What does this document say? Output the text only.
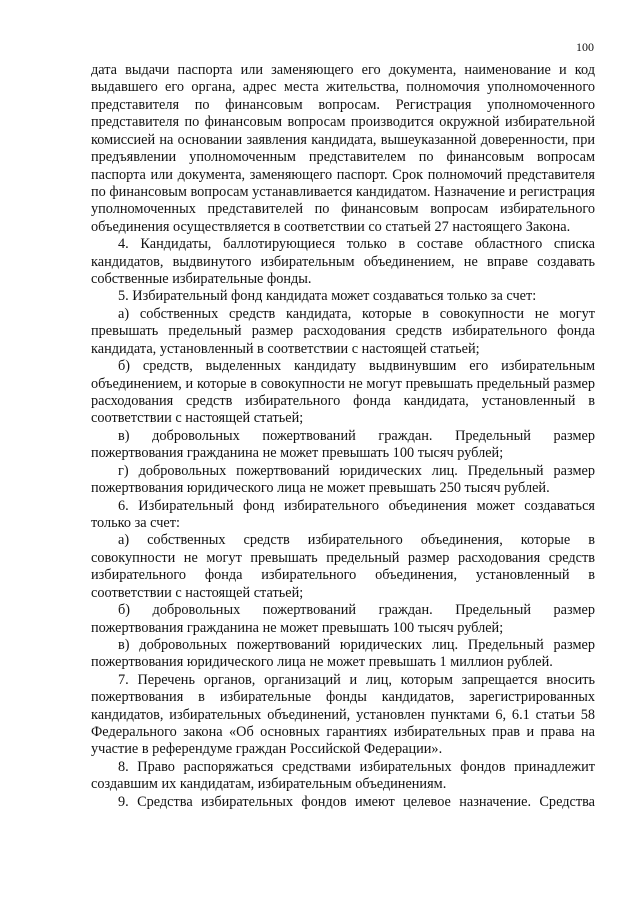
100

дата выдачи паспорта или заменяющего его документа, наименование и код выдавшего его органа, адрес места жительства, полномочия уполномоченного представителя по финансовым вопросам. Регистрация уполномоченного представителя по финансовым вопросам производится окружной избирательной комиссией на основании заявления кандидата, вышеуказанной доверенности, при предъявлении уполномоченным представителем по финансовым вопросам паспорта или документа, заменяющего паспорт. Срок полномочий представителя по финансовым вопросам устанавливается кандидатом. Назначение и регистрация уполномоченных представителей по финансовым вопросам избирательного объединения осуществляется в соответствии со статьей 27 настоящего Закона.

4. Кандидаты, баллотирующиеся только в составе областного списка кандидатов, выдвинутого избирательным объединением, не вправе создавать собственные избирательные фонды.

5. Избирательный фонд кандидата может создаваться только за счет:

а) собственных средств кандидата, которые в совокупности не могут превышать предельный размер расходования средств избирательного фонда кандидата, установленный в соответствии с настоящей статьей;

б) средств, выделенных кандидату выдвинувшим его избирательным объединением, и которые в совокупности не могут превышать предельный размер расходования средств избирательного фонда кандидата, установленный в соответствии с настоящей статьей;

в) добровольных пожертвований граждан. Предельный размер пожертвования гражданина не может превышать 100 тысяч рублей;

г) добровольных пожертвований юридических лиц. Предельный размер пожертвования юридического лица не может превышать 250 тысяч рублей.

6. Избирательный фонд избирательного объединения может создаваться только за счет:

а) собственных средств избирательного объединения, которые в совокупности не могут превышать предельный размер расходования средств избирательного фонда избирательного объединения, установленный в соответствии с настоящей статьей;

б) добровольных пожертвований граждан. Предельный размер пожертвования гражданина не может превышать 100 тысяч рублей;

в) добровольных пожертвований юридических лиц. Предельный размер пожертвования юридического лица не может превышать 1 миллион рублей.

7. Перечень органов, организаций и лиц, которым запрещается вносить пожертвования в избирательные фонды кандидатов, зарегистрированных кандидатов, избирательных объединений, установлен пунктами 6, 6.1 статьи 58 Федерального закона «Об основных гарантиях избирательных прав и права на участие в референдуме граждан Российской Федерации».

8. Право распоряжаться средствами избирательных фондов принадлежит создавшим их кандидатам, избирательным объединениям.

9. Средства избирательных фондов имеют целевое назначение. Средства
